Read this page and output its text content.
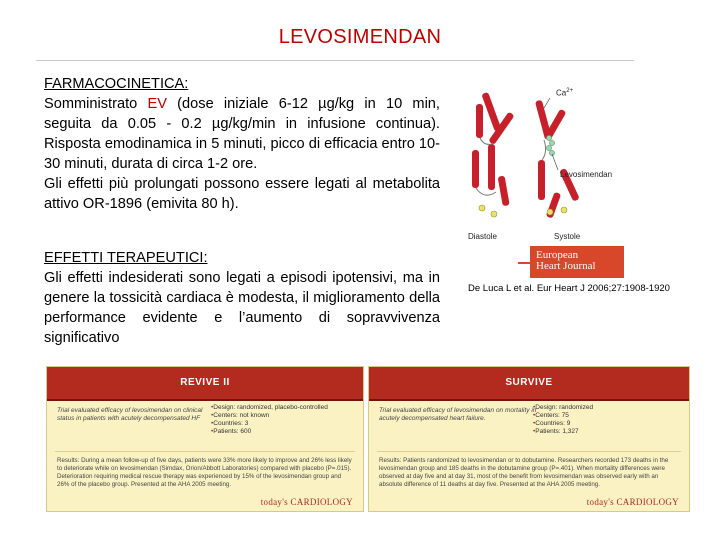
LEVOSIMENDAN
FARMACOCINETICA:
Somministrato EV (dose iniziale 6-12 µg/kg in 10 min, seguita da 0.05 - 0.2 µg/kg/min in infusione continua). Risposta emodinamica in 5 minuti, picco di efficacia entro 10-30 minuti, durata di circa 1-2 ore.
Gli effetti più prolungati possono essere legati al metabolita attivo OR-1896 (emivita 80 h).
EFFETTI TERAPEUTICI:
Gli effetti indesiderati sono legati a episodi ipotensivi, ma in genere la tossicità cardiaca è modesta, il miglioramento della performance evidente e l’aumento di sopravvivenza significativo
$Ca^{2+}$
Levosimendan
Diastole	Systole
European
Heart Journal
De Luca L et al. Eur Heart J 2006;27:1908-1920
REVIVE II
Trial evaluated efficacy of levosimendan on clinical status in patients with acutely decompensated HF
• Design: randomized, placebo-controlled
• Centers: not known
• Countries: 3
• Patients: 600
Results: During a mean follow-up of five days, patients were 33% more likely to improve and 26% less likely to deteriorate while on levosimendan (Simdax, Orion/Abbott Laboratories) compared with placebo (P=.015). Deterioration requiring medical rescue therapy was experienced by 15% of the levosimendan group and 26% of the placebo group. Presented at the AHA 2005 meeting.
today's CARDIOLOGY
SURVIVE
Trial evaluated efficacy of levosimendan on mortality in acutely decompensated heart failure.
• Design: randomized
• Centers: 75
• Countries: 9
• Patients: 1,327
Results: Patients randomized to levosimendan or to dobutamine. Researchers recorded 173 deaths in the levosimendan group and 185 deaths in the dobutamine group (P=.401). When mortality differences were observed at day five and at day 31, most of the benefit from levosimendan was observed early with an absolute difference of 11 deaths at day five. Presented at the AHA 2005 meeting.
today's CARDIOLOGY
